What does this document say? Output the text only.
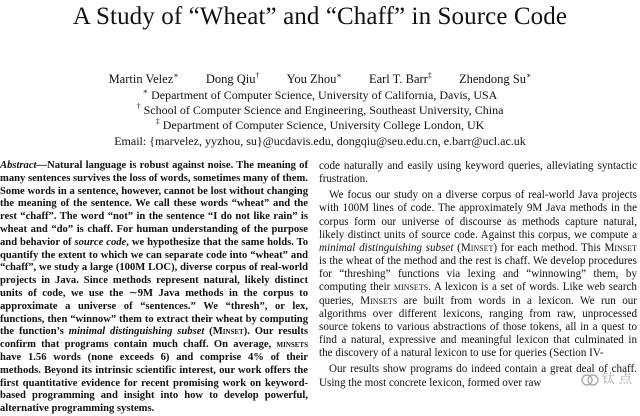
A Study of “Wheat” and “Chaff” in Source Code
Martin Velez∗ Dong Qiu† You Zhou∗ Earl T. Barr‡ Zhendong Su∗
∗ Department of Computer Science, University of California, Davis, USA
† School of Computer Science and Engineering, Southeast University, China
‡ Department of Computer Science, University College London, UK
Email: {marvelez, yyzhou, su}@ucdavis.edu, dongqiu@seu.edu.cn, e.barr@ucl.ac.uk

Abstract—Natural language is robust against noise. The meaning of many sentences survives the loss of words, sometimes many of them. Some words in a sentence, however, cannot be lost without changing the meaning of the sentence. We call these words “wheat” and the rest “chaff”. The word “not” in the sentence “I do not like rain” is wheat and “do” is chaff. For human understanding of the purpose and behavior of source code, we hypothesize that the same holds. To quantify the extent to which we can separate code into “wheat” and “chaff”, we study a large (100M LOC), diverse corpus of real-world projects in Java. Since methods represent natural, likely distinct units of code, we use the ∼9M Java methods in the corpus to approximate a universe of “sentences.” We “thresh”, or lex, functions, then “winnow” them to extract their wheat by computing the function’s minimal distinguishing subset (Minset). Our results confirm that programs contain much chaff. On average, minsets have 1.56 words (none exceeds 6) and comprise 4% of their methods. Beyond its intrinsic scientific interest, our work offers the first quantitative evidence for recent promising work on keyword-based programming and insight into how to develop powerful, alternative programming systems.

code naturally and easily using keyword queries, alleviating syntactic frustration.

We focus our study on a diverse corpus of real-world Java projects with 100M lines of code. The approximately 9M Java methods in the corpus form our universe of discourse as methods capture natural, likely distinct units of source code. Against this corpus, we compute a minimal distinguishing subset (Minset) for each method. This Minset is the wheat of the method and the rest is chaff. We develop procedures for “threshing” functions via lexing and “winnowing” them, by computing their minsets. A lexicon is a set of words. Like web search queries, Minsets are built from words in a lexicon. We run our algorithms over different lexicons, ranging from raw, unprocessed source tokens to various abstractions of those tokens, all in a quest to find a natural, expressive and meaningful lexicon that culminated in the discovery of a natural lexicon to use for queries (Section IV-

Our results show programs do indeed contain a great deal of chaff. Using the most concrete lexicon, formed over raw	钛 点
